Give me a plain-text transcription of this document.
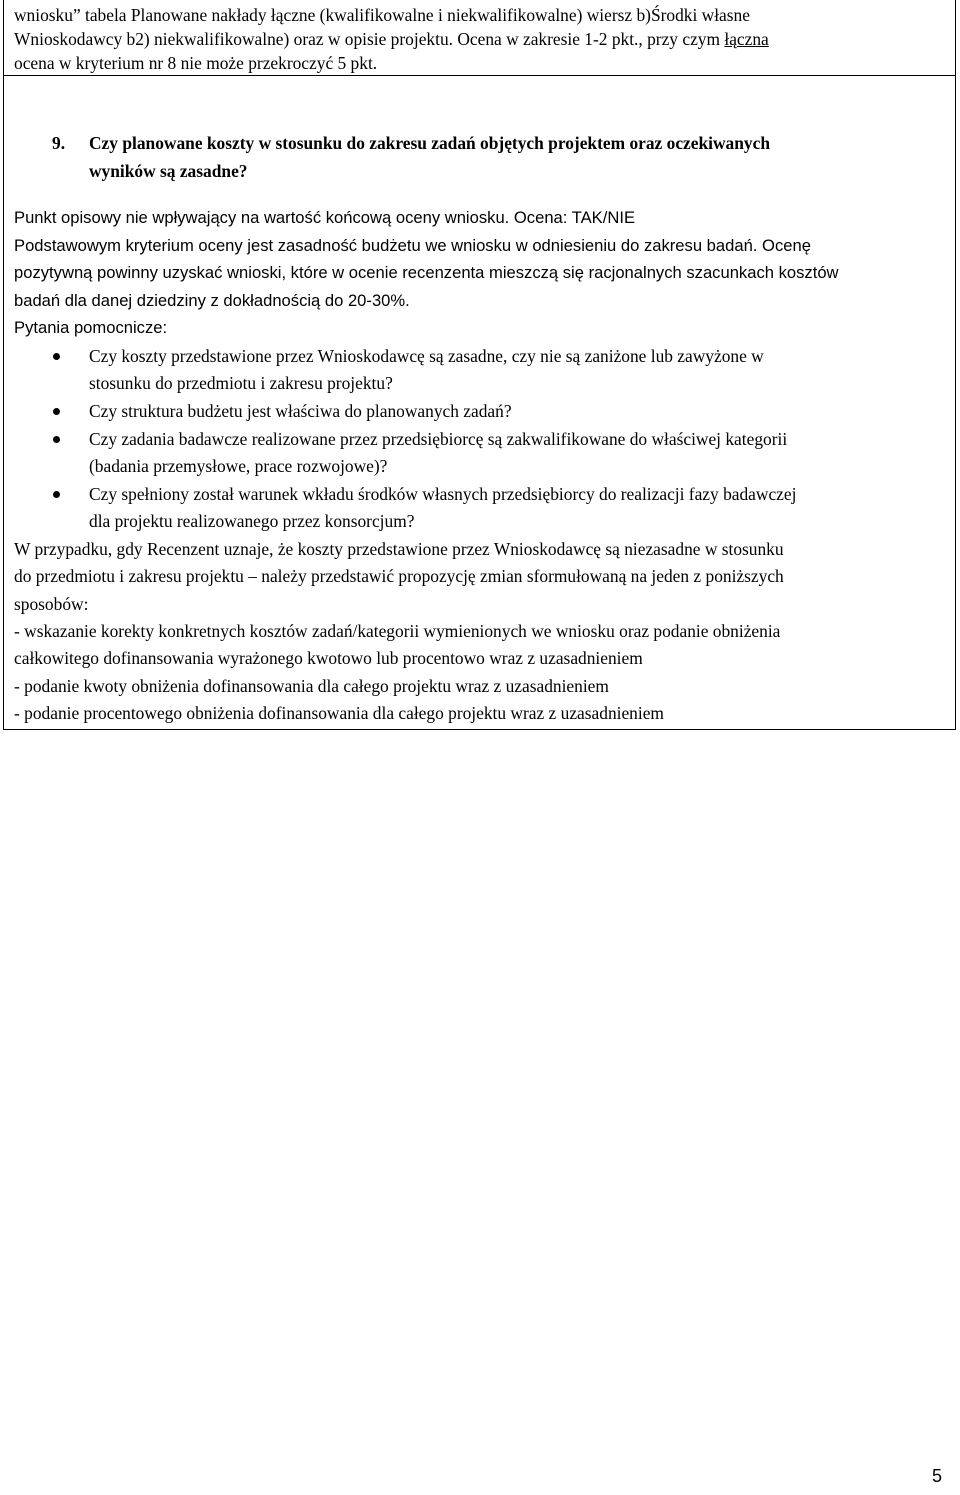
wniosku” tabela Planowane nakłady łączne (kwalifikowalne i niekwalifikowalne) wiersz b)Środki własne
Wnioskodawcy b2) niekwalifikowalne) oraz w opisie projektu. Ocena w zakresie 1-2 pkt., przy czym łączna
ocena w kryterium nr 8 nie może przekroczyć 5 pkt.
9. Czy planowane koszty w stosunku do zakresu zadań objętych projektem oraz oczekiwanych
wyników są zasadne?
Punkt opisowy nie wpływający na wartość końcową oceny wniosku. Ocena: TAK/NIE
Podstawowym kryterium oceny jest zasadność budżetu we wniosku w odniesieniu do zakresu badań. Ocenę
pozytywną powinny uzyskać wnioski, które w ocenie recenzenta mieszczą się racjonalnych szacunkach kosztów
badań dla danej dziedziny z dokładnością do 20-30%.
Pytania pomocnicze:
Czy koszty przedstawione przez Wnioskodawcę są zasadne, czy nie są zaniżone lub zawyżone w
stosunku do przedmiotu i zakresu projektu?
Czy struktura budżetu jest właściwa do planowanych zadań?
Czy zadania badawcze realizowane przez przedsiębiorcę są zakwalifikowane do właściwej kategorii
(badania przemysłowe, prace rozwojowe)?
Czy spełniony został warunek wkładu środków własnych przedsiębiorcy do realizacji fazy badawczej
dla projektu realizowanego przez konsorcjum?
W przypadku, gdy Recenzent uznaje, że koszty przedstawione przez Wnioskodawcę są niezasadne w stosunku
do przedmiotu i zakresu projektu – należy przedstawić propozycję zmian sformułowaną na jeden z poniższych
sposobów:
- wskazanie korekty konkretnych kosztów zadań/kategorii wymienionych we wniosku oraz podanie obniżenia
całkowitego dofinansowania wyrażonego kwotowo lub procentowo wraz z uzasadnieniem
- podanie kwoty obniżenia dofinansowania dla całego projektu wraz z uzasadnieniem
- podanie procentowego obniżenia dofinansowania dla całego projektu wraz z uzasadnieniem
5
